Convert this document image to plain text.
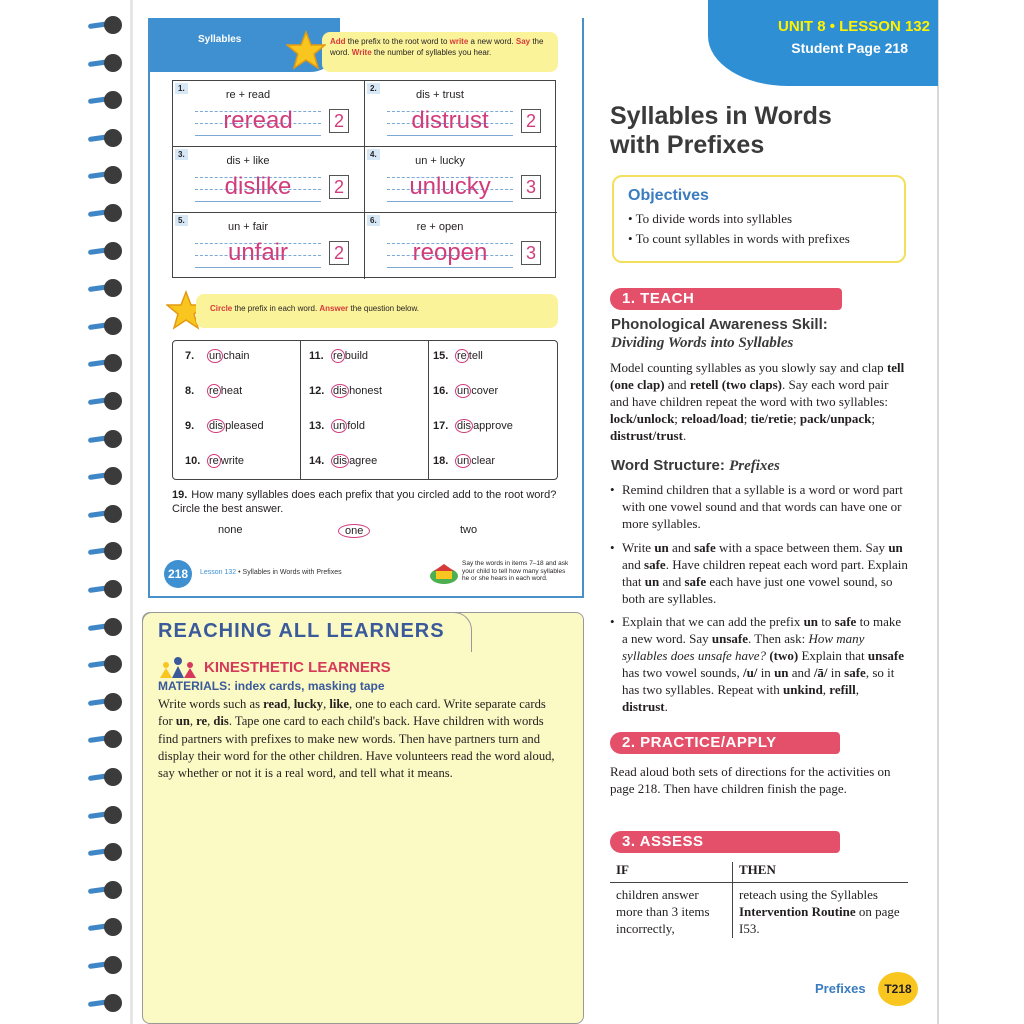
Syllables	Add the prefix to the root word to write a new word. Say the word. Write the number of syllables you hear.
1.
re + read
reread	2
2.
dis + trust
distrust	2
3.
dis + like
dislike	2
4.
un + lucky
unlucky	3
5.
un + fair
unfair	2
6.
re + open
reopen	3
Circle the prefix in each word. Answer the question below.
7. un chain
8. re heat
9. dis pleased
10. re write
11. re build
12. dis honest
13. un fold
14. dis agree
15. re tell
16. un cover
17. dis approve
18. un clear
19. How many syllables does each prefix that you circled add to the root word? Circle the best answer.
none	one	two
218	Lesson 132 • Syllables in Words with Prefixes
Say the words in items 7–18 and ask your child to tell how many syllables he or she hears in each word.
REACHING ALL LEARNERS
KINESTHETIC LEARNERS
MATERIALS: index cards, masking tape
Write words such as read, lucky, like, one to each card. Write separate cards for un, re, dis. Tape one card to each child's back. Have children with words find partners with prefixes to make new words. Then have partners turn and display their word for the other children. Have volunteers read the word aloud, say whether or not it is a real word, and tell what it means.
UNIT 8 • LESSON 132
Student Page 218
Syllables in Words
with Prefixes
Objectives
• To divide words into syllables
• To count syllables in words with prefixes
1. TEACH
Phonological Awareness Skill:
Dividing Words into Syllables
Model counting syllables as you slowly say and clap tell (one clap) and retell (two claps). Say each word pair and have children repeat the word with two syllables: lock/unlock; reload/load; tie/retie; pack/unpack; distrust/trust.
Word Structure: Prefixes
• Remind children that a syllable is a word or word part with one vowel sound and that words can have one or more syllables.
• Write un and safe with a space between them. Say un and safe. Have children repeat each word part. Explain that un and safe each have just one vowel sound, so both are syllables.
• Explain that we can add the prefix un to safe to make a new word. Say unsafe. Then ask: How many syllables does unsafe have? (two) Explain that unsafe has two vowel sounds, /u/ in un and /ā/ in safe, so it has two syllables. Repeat with unkind, refill, distrust.
2. PRACTICE/APPLY
Read aloud both sets of directions for the activities on page 218. Then have children finish the page.
3. ASSESS
IF	THEN
children answer more than 3 items incorrectly,
reteach using the Syllables Intervention Routine on page I53.
Prefixes	T218
